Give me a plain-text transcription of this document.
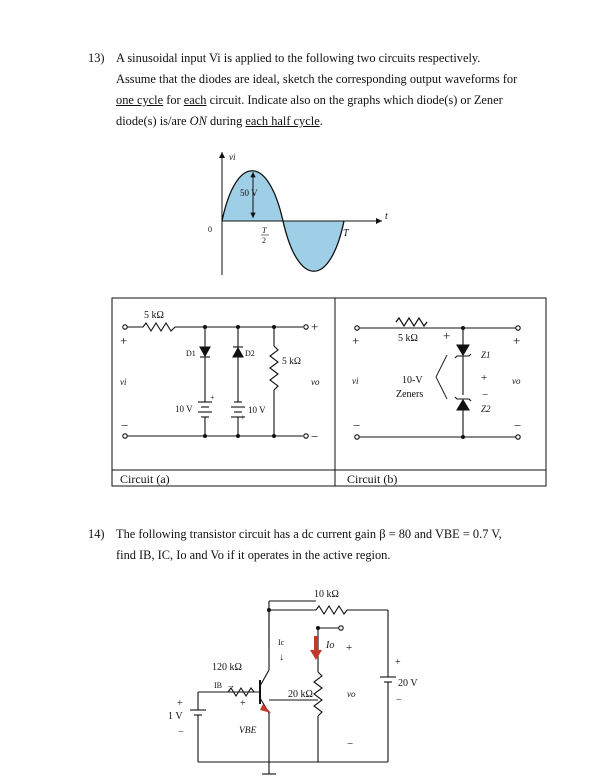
13) A sinusoidal input Vi is applied to the following two circuits respectively.
Assume that the diodes are ideal, sketch the corresponding output waveforms for
one cycle for each circuit. Indicate also on the graphs which diode(s) or Zener
diode(s) is/are ON during each half cycle.
14) The following transistor circuit has a dc current gain β = 80 and VBE = 0.7 V,
find IB, IC, Io and Vo if it operates in the active region.
vi
0
50 V
T
2
T
t
Circuit (a)	Circuit (b)
5 kΩ
D1	D2
10 V	10 V
5 kΩ
vi	vo
+
+
−
−
+
+
5 kΩ
10-V
Zeners
Z1
Z2
vi	vo
+	+	+
−	−
+
−
10 kΩ
120 kΩ
20 kΩ
20 V
1 V
Ic
↓
IB →
Io
VBE
vo
+
−
+
−
+
−
+
